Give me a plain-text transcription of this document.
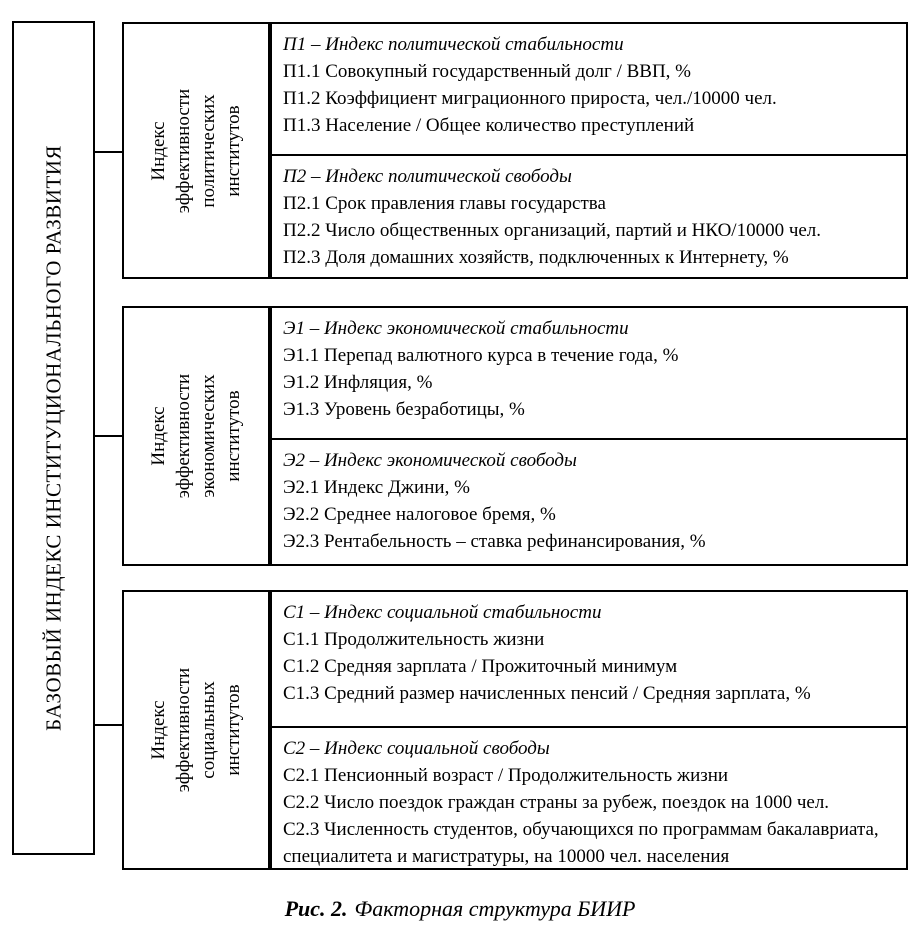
БАЗОВЫЙ ИНДЕКС ИНСТИТУЦИОНАЛЬНОГО РАЗВИТИЯ	Индекс эффективности политических институтов
П1 – Индекс политической стабильности
П1.1 Совокупный государственный долг / ВВП, %
П1.2 Коэффициент миграционного прироста, чел./10000 чел.
П1.3 Население / Общее количество преступлений
П2 – Индекс политической свободы
П2.1 Срок правления главы государства
П2.2 Число общественных организаций, партий и НКО/10000 чел.
П2.3 Доля домашних хозяйств, подключенных к Интернету, %
Индекс эффективности экономических институтов
Э1 – Индекс экономической стабильности
Э1.1 Перепад валютного курса в течение года, %
Э1.2 Инфляция, %
Э1.3 Уровень безработицы, %
Э2 – Индекс экономической свободы
Э2.1 Индекс Джини, %
Э2.2 Среднее налоговое бремя, %
Э2.3 Рентабельность – ставка рефинансирования, %
Индекс эффективности социальных институтов
С1 – Индекс социальной стабильности
С1.1 Продолжительность жизни
С1.2 Средняя зарплата / Прожиточный минимум
С1.3 Средний размер начисленных пенсий / Средняя зарплата, %
С2 – Индекс социальной свободы
С2.1 Пенсионный возраст / Продолжительность жизни
С2.2 Число поездок граждан страны за рубеж, поездок на 1000 чел.
С2.3 Численность студентов, обучающихся по программам бакалавриата, специалитета и магистратуры, на 10000 чел. населения
Рис. 2. Факторная структура БИИР
